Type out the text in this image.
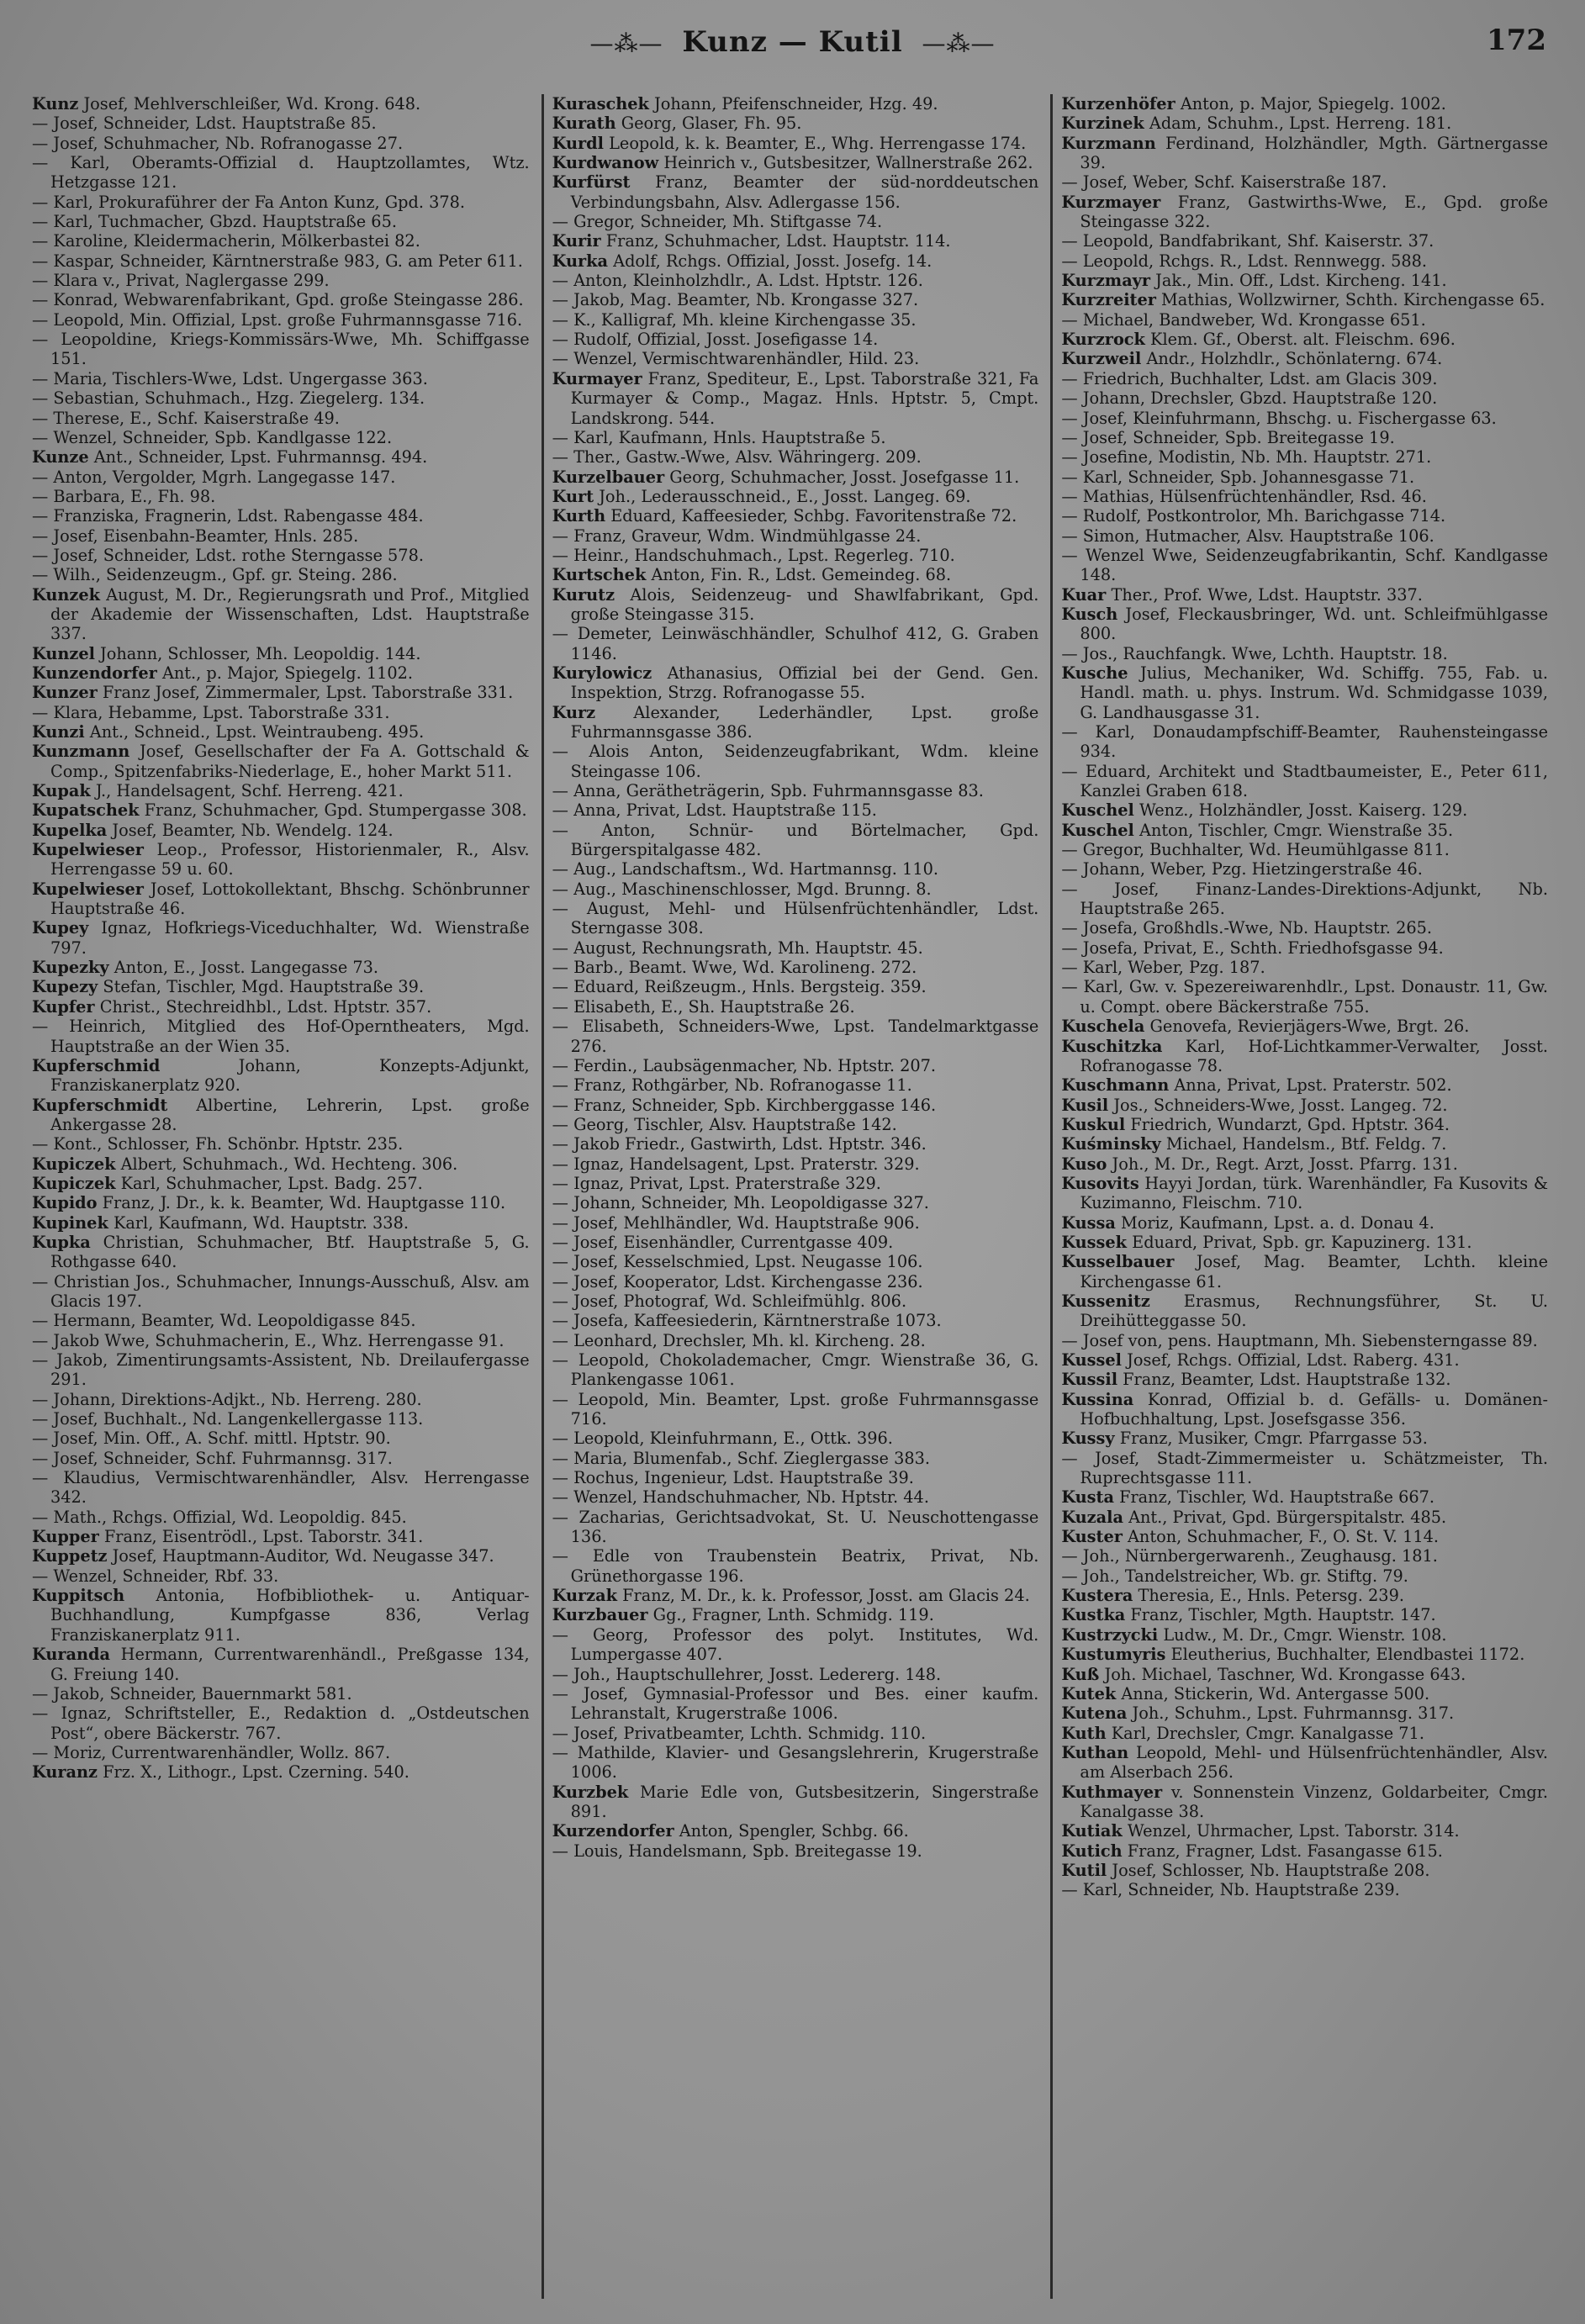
—⁂— Kunz — Kutil —⁂—	172

Kunz Josef, Mehlverschleißer, Wd. Krong. 648.

— Josef, Schneider, Ldst. Hauptstraße 85.

— Josef, Schuhmacher, Nb. Rofranogasse 27.

— Karl, Oberamts-Offizial d. Hauptzollamtes, Wtz. Hetzgasse 121.

— Karl, Prokuraführer der Fa Anton Kunz, Gpd. 378.

— Karl, Tuchmacher, Gbzd. Hauptstraße 65.

— Karoline, Kleidermacherin, Mölkerbastei 82.

— Kaspar, Schneider, Kärntnerstraße 983, G. am Peter 611.

— Klara v., Privat, Naglergasse 299.

— Konrad, Webwarenfabrikant, Gpd. große Steingasse 286.

— Leopold, Min. Offizial, Lpst. große Fuhrmannsgasse 716.

— Leopoldine, Kriegs-Kommissärs-Wwe, Mh. Schiffgasse 151.

— Maria, Tischlers-Wwe, Ldst. Ungergasse 363.

— Sebastian, Schuhmach., Hzg. Ziegelerg. 134.

— Therese, E., Schf. Kaiserstraße 49.

— Wenzel, Schneider, Spb. Kandlgasse 122.

Kunze Ant., Schneider, Lpst. Fuhrmannsg. 494.

— Anton, Vergolder, Mgrh. Langegasse 147.

— Barbara, E., Fh. 98.

— Franziska, Fragnerin, Ldst. Rabengasse 484.

— Josef, Eisenbahn-Beamter, Hnls. 285.

— Josef, Schneider, Ldst. rothe Sterngasse 578.

— Wilh., Seidenzeugm., Gpf. gr. Steing. 286.

Kunzek August, M. Dr., Regierungsrath und Prof., Mitglied der Akademie der Wissenschaften, Ldst. Hauptstraße 337.

Kunzel Johann, Schlosser, Mh. Leopoldig. 144.

Kunzendorfer Ant., p. Major, Spiegelg. 1102.

Kunzer Franz Josef, Zimmermaler, Lpst. Taborstraße 331.

— Klara, Hebamme, Lpst. Taborstraße 331.

Kunzi Ant., Schneid., Lpst. Weintraubeng. 495.

Kunzmann Josef, Gesellschafter der Fa A. Gottschald & Comp., Spitzenfabriks-Niederlage, E., hoher Markt 511.

Kupak J., Handelsagent, Schf. Herreng. 421.

Kupatschek Franz, Schuhmacher, Gpd. Stumpergasse 308.

Kupelka Josef, Beamter, Nb. Wendelg. 124.

Kupelwieser Leop., Professor, Historienmaler, R., Alsv. Herrengasse 59 u. 60.

Kupelwieser Josef, Lottokollektant, Bhschg. Schönbrunner Hauptstraße 46.

Kupey Ignaz, Hofkriegs-Viceduchhalter, Wd. Wienstraße 797.

Kupezky Anton, E., Josst. Langegasse 73.

Kupezy Stefan, Tischler, Mgd. Hauptstraße 39.

Kupfer Christ., Stechreidhbl., Ldst. Hptstr. 357.

— Heinrich, Mitglied des Hof-Operntheaters, Mgd. Hauptstraße an der Wien 35.

Kupferschmid Johann, Konzepts-Adjunkt, Franziskanerplatz 920.

Kupferschmidt Albertine, Lehrerin, Lpst. große Ankergasse 28.

— Kont., Schlosser, Fh. Schönbr. Hptstr. 235.

Kupiczek Albert, Schuhmach., Wd. Hechteng. 306.

Kupiczek Karl, Schuhmacher, Lpst. Badg. 257.

Kupido Franz, J. Dr., k. k. Beamter, Wd. Hauptgasse 110.

Kupinek Karl, Kaufmann, Wd. Hauptstr. 338.

Kupka Christian, Schuhmacher, Btf. Hauptstraße 5, G. Rothgasse 640.

— Christian Jos., Schuhmacher, Innungs-Ausschuß, Alsv. am Glacis 197.

— Hermann, Beamter, Wd. Leopoldigasse 845.

— Jakob Wwe, Schuhmacherin, E., Whz. Herrengasse 91.

— Jakob, Zimentirungsamts-Assistent, Nb. Dreilaufergasse 291.

— Johann, Direktions-Adjkt., Nb. Herreng. 280.

— Josef, Buchhalt., Nd. Langenkellergasse 113.

— Josef, Min. Off., A. Schf. mittl. Hptstr. 90.

— Josef, Schneider, Schf. Fuhrmannsg. 317.

— Klaudius, Vermischtwarenhändler, Alsv. Herrengasse 342.

— Math., Rchgs. Offizial, Wd. Leopoldig. 845.

Kupper Franz, Eisentrödl., Lpst. Taborstr. 341.

Kuppetz Josef, Hauptmann-Auditor, Wd. Neugasse 347.

— Wenzel, Schneider, Rbf. 33.

Kuppitsch Antonia, Hofbibliothek- u. Antiquar-Buchhandlung, Kumpfgasse 836, Verlag Franziskanerplatz 911.

Kuranda Hermann, Currentwarenhändl., Preßgasse 134, G. Freiung 140.

— Jakob, Schneider, Bauernmarkt 581.

— Ignaz, Schriftsteller, E., Redaktion d. „Ostdeutschen Post“, obere Bäckerstr. 767.

— Moriz, Currentwarenhändler, Wollz. 867.

Kuranz Frz. X., Lithogr., Lpst. Czerning. 540.

Kuraschek Johann, Pfeifenschneider, Hzg. 49.

Kurath Georg, Glaser, Fh. 95.

Kurdl Leopold, k. k. Beamter, E., Whg. Herrengasse 174.

Kurdwanow Heinrich v., Gutsbesitzer, Wallnerstraße 262.

Kurfürst Franz, Beamter der süd-norddeutschen Verbindungsbahn, Alsv. Adlergasse 156.

— Gregor, Schneider, Mh. Stiftgasse 74.

Kurir Franz, Schuhmacher, Ldst. Hauptstr. 114.

Kurka Adolf, Rchgs. Offizial, Josst. Josefg. 14.

— Anton, Kleinholzhdlr., A. Ldst. Hptstr. 126.

— Jakob, Mag. Beamter, Nb. Krongasse 327.

— K., Kalligraf, Mh. kleine Kirchengasse 35.

— Rudolf, Offizial, Josst. Josefigasse 14.

— Wenzel, Vermischtwarenhändler, Hild. 23.

Kurmayer Franz, Spediteur, E., Lpst. Taborstraße 321, Fa Kurmayer & Comp., Magaz. Hnls. Hptstr. 5, Cmpt. Landskrong. 544.

— Karl, Kaufmann, Hnls. Hauptstraße 5.

— Ther., Gastw.-Wwe, Alsv. Währingerg. 209.

Kurzelbauer Georg, Schuhmacher, Josst. Josefgasse 11.

Kurt Joh., Lederausschneid., E., Josst. Langeg. 69.

Kurth Eduard, Kaffeesieder, Schbg. Favoritenstraße 72.

— Franz, Graveur, Wdm. Windmühlgasse 24.

— Heinr., Handschuhmach., Lpst. Regerleg. 710.

Kurtschek Anton, Fin. R., Ldst. Gemeindeg. 68.

Kurutz Alois, Seidenzeug- und Shawlfabrikant, Gpd. große Steingasse 315.

— Demeter, Leinwäschhändler, Schulhof 412, G. Graben 1146.

Kurylowicz Athanasius, Offizial bei der Gend. Gen. Inspektion, Strzg. Rofranogasse 55.

Kurz Alexander, Lederhändler, Lpst. große Fuhrmannsgasse 386.

— Alois Anton, Seidenzeugfabrikant, Wdm. kleine Steingasse 106.

— Anna, Gerätheträgerin, Spb. Fuhrmannsgasse 83.

— Anna, Privat, Ldst. Hauptstraße 115.

— Anton, Schnür- und Börtelmacher, Gpd. Bürgerspitalgasse 482.

— Aug., Landschaftsm., Wd. Hartmannsg. 110.

— Aug., Maschinenschlosser, Mgd. Brunng. 8.

— August, Mehl- und Hülsenfrüchtenhändler, Ldst. Sterngasse 308.

— August, Rechnungsrath, Mh. Hauptstr. 45.

— Barb., Beamt. Wwe, Wd. Karolineng. 272.

— Eduard, Reißzeugm., Hnls. Bergsteig. 359.

— Elisabeth, E., Sh. Hauptstraße 26.

— Elisabeth, Schneiders-Wwe, Lpst. Tandelmarktgasse 276.

— Ferdin., Laubsägenmacher, Nb. Hptstr. 207.

— Franz, Rothgärber, Nb. Rofranogasse 11.

— Franz, Schneider, Spb. Kirchberggasse 146.

— Georg, Tischler, Alsv. Hauptstraße 142.

— Jakob Friedr., Gastwirth, Ldst. Hptstr. 346.

— Ignaz, Handelsagent, Lpst. Praterstr. 329.

— Ignaz, Privat, Lpst. Praterstraße 329.

— Johann, Schneider, Mh. Leopoldigasse 327.

— Josef, Mehlhändler, Wd. Hauptstraße 906.

— Josef, Eisenhändler, Currentgasse 409.

— Josef, Kesselschmied, Lpst. Neugasse 106.

— Josef, Kooperator, Ldst. Kirchengasse 236.

— Josef, Photograf, Wd. Schleifmühlg. 806.

— Josefa, Kaffeesiederin, Kärntnerstraße 1073.

— Leonhard, Drechsler, Mh. kl. Kircheng. 28.

— Leopold, Chokolademacher, Cmgr. Wienstraße 36, G. Plankengasse 1061.

— Leopold, Min. Beamter, Lpst. große Fuhrmannsgasse 716.

— Leopold, Kleinfuhrmann, E., Ottk. 396.

— Maria, Blumenfab., Schf. Zieglergasse 383.

— Rochus, Ingenieur, Ldst. Hauptstraße 39.

— Wenzel, Handschuhmacher, Nb. Hptstr. 44.

— Zacharias, Gerichtsadvokat, St. U. Neuschottengasse 136.

— Edle von Traubenstein Beatrix, Privat, Nb. Grünethorgasse 196.

Kurzak Franz, M. Dr., k. k. Professor, Josst. am Glacis 24.

Kurzbauer Gg., Fragner, Lnth. Schmidg. 119.

— Georg, Professor des polyt. Institutes, Wd. Lumpergasse 407.

— Joh., Hauptschullehrer, Josst. Ledererg. 148.

— Josef, Gymnasial-Professor und Bes. einer kaufm. Lehranstalt, Krugerstraße 1006.

— Josef, Privatbeamter, Lchth. Schmidg. 110.

— Mathilde, Klavier- und Gesangslehrerin, Krugerstraße 1006.

Kurzbek Marie Edle von, Gutsbesitzerin, Singerstraße 891.

Kurzendorfer Anton, Spengler, Schbg. 66.

— Louis, Handelsmann, Spb. Breitegasse 19.

Kurzenhöfer Anton, p. Major, Spiegelg. 1002.

Kurzinek Adam, Schuhm., Lpst. Herreng. 181.

Kurzmann Ferdinand, Holzhändler, Mgth. Gärtnergasse 39.

— Josef, Weber, Schf. Kaiserstraße 187.

Kurzmayer Franz, Gastwirths-Wwe, E., Gpd. große Steingasse 322.

— Leopold, Bandfabrikant, Shf. Kaiserstr. 37.

— Leopold, Rchgs. R., Ldst. Rennwegg. 588.

Kurzmayr Jak., Min. Off., Ldst. Kircheng. 141.

Kurzreiter Mathias, Wollzwirner, Schth. Kirchengasse 65.

— Michael, Bandweber, Wd. Krongasse 651.

Kurzrock Klem. Gf., Oberst. alt. Fleischm. 696.

Kurzweil Andr., Holzhdlr., Schönlaterng. 674.

— Friedrich, Buchhalter, Ldst. am Glacis 309.

— Johann, Drechsler, Gbzd. Hauptstraße 120.

— Josef, Kleinfuhrmann, Bhschg. u. Fischergasse 63.

— Josef, Schneider, Spb. Breitegasse 19.

— Josefine, Modistin, Nb. Mh. Hauptstr. 271.

— Karl, Schneider, Spb. Johannesgasse 71.

— Mathias, Hülsenfrüchtenhändler, Rsd. 46.

— Rudolf, Postkontrolor, Mh. Barichgasse 714.

— Simon, Hutmacher, Alsv. Hauptstraße 106.

— Wenzel Wwe, Seidenzeugfabrikantin, Schf. Kandlgasse 148.

Kuar Ther., Prof. Wwe, Ldst. Hauptstr. 337.

Kusch Josef, Fleckausbringer, Wd. unt. Schleifmühlgasse 800.

— Jos., Rauchfangk. Wwe, Lchth. Hauptstr. 18.

Kusche Julius, Mechaniker, Wd. Schiffg. 755, Fab. u. Handl. math. u. phys. Instrum. Wd. Schmidgasse 1039, G. Landhausgasse 31.

— Karl, Donaudampfschiff-Beamter, Rauhensteingasse 934.

— Eduard, Architekt und Stadtbaumeister, E., Peter 611, Kanzlei Graben 618.

Kuschel Wenz., Holzhändler, Josst. Kaiserg. 129.

Kuschel Anton, Tischler, Cmgr. Wienstraße 35.

— Gregor, Buchhalter, Wd. Heumühlgasse 811.

— Johann, Weber, Pzg. Hietzingerstraße 46.

— Josef, Finanz-Landes-Direktions-Adjunkt, Nb. Hauptstraße 265.

— Josefa, Großhdls.-Wwe, Nb. Hauptstr. 265.

— Josefa, Privat, E., Schth. Friedhofsgasse 94.

— Karl, Weber, Pzg. 187.

— Karl, Gw. v. Spezereiwarenhdlr., Lpst. Donaustr. 11, Gw. u. Compt. obere Bäckerstraße 755.

Kuschela Genovefa, Revierjägers-Wwe, Brgt. 26.

Kuschitzka Karl, Hof-Lichtkammer-Verwalter, Josst. Rofranogasse 78.

Kuschmann Anna, Privat, Lpst. Praterstr. 502.

Kusil Jos., Schneiders-Wwe, Josst. Langeg. 72.

Kuskul Friedrich, Wundarzt, Gpd. Hptstr. 364.

Kuśminsky Michael, Handelsm., Btf. Feldg. 7.

Kuso Joh., M. Dr., Regt. Arzt, Josst. Pfarrg. 131.

Kusovits Hayyi Jordan, türk. Warenhändler, Fa Kusovits & Kuzimanno, Fleischm. 710.

Kussa Moriz, Kaufmann, Lpst. a. d. Donau 4.

Kussek Eduard, Privat, Spb. gr. Kapuzinerg. 131.

Kusselbauer Josef, Mag. Beamter, Lchth. kleine Kirchengasse 61.

Kussenitz Erasmus, Rechnungsführer, St. U. Dreihütteggasse 50.

— Josef von, pens. Hauptmann, Mh. Siebensterngasse 89.

Kussel Josef, Rchgs. Offizial, Ldst. Raberg. 431.

Kussil Franz, Beamter, Ldst. Hauptstraße 132.

Kussina Konrad, Offizial b. d. Gefälls- u. Domänen-Hofbuchhaltung, Lpst. Josefsgasse 356.

Kussy Franz, Musiker, Cmgr. Pfarrgasse 53.

— Josef, Stadt-Zimmermeister u. Schätzmeister, Th. Ruprechtsgasse 111.

Kusta Franz, Tischler, Wd. Hauptstraße 667.

Kuzala Ant., Privat, Gpd. Bürgerspitalstr. 485.

Kuster Anton, Schuhmacher, F., O. St. V. 114.

— Joh., Nürnbergerwarenh., Zeughausg. 181.

— Joh., Tandelstreicher, Wb. gr. Stiftg. 79.

Kustera Theresia, E., Hnls. Petersg. 239.

Kustka Franz, Tischler, Mgth. Hauptstr. 147.

Kustrzycki Ludw., M. Dr., Cmgr. Wienstr. 108.

Kustumyris Eleutherius, Buchhalter, Elendbastei 1172.

Kuß Joh. Michael, Taschner, Wd. Krongasse 643.

Kutek Anna, Stickerin, Wd. Antergasse 500.

Kutena Joh., Schuhm., Lpst. Fuhrmannsg. 317.

Kuth Karl, Drechsler, Cmgr. Kanalgasse 71.

Kuthan Leopold, Mehl- und Hülsenfrüchtenhändler, Alsv. am Alserbach 256.

Kuthmayer v. Sonnenstein Vinzenz, Goldarbeiter, Cmgr. Kanalgasse 38.

Kutiak Wenzel, Uhrmacher, Lpst. Taborstr. 314.

Kutich Franz, Fragner, Ldst. Fasangasse 615.

Kutil Josef, Schlosser, Nb. Hauptstraße 208.

— Karl, Schneider, Nb. Hauptstraße 239.
